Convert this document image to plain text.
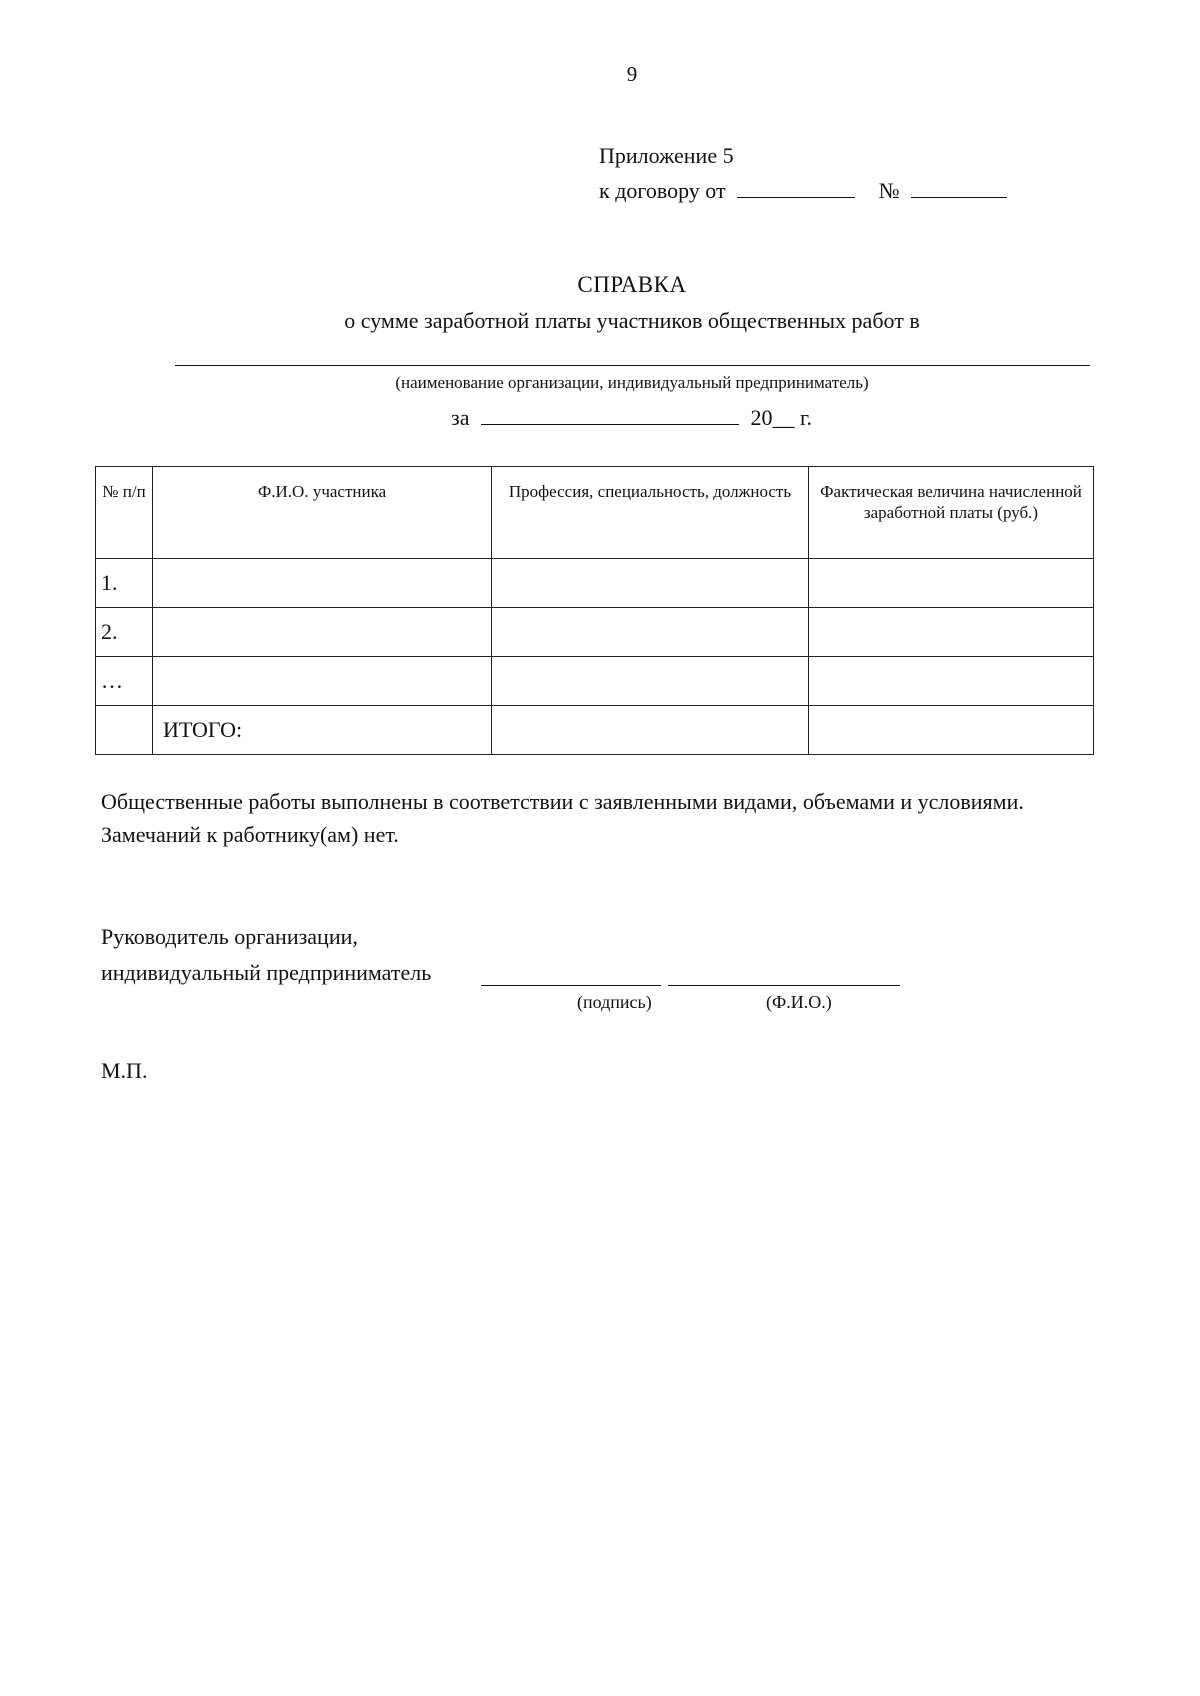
9
Приложение 5
к договору от	№
СПРАВКА
о сумме заработной платы участников общественных работ в
(наименование организации, индивидуальный предприниматель)
за	20__ г.
№ п/п	Ф.И.О. участника	Профессия, специальность, должность	Фактическая величина начисленной заработной платы (руб.)
1.			
2.			
…			
	ИТОГО:		
Общественные работы выполнены в соответствии с заявленными видами, объемами и условиями. Замечаний к работнику(ам) нет.
Руководитель организации,
индивидуальный предприниматель
(подпись)	(Ф.И.О.)
М.П.
